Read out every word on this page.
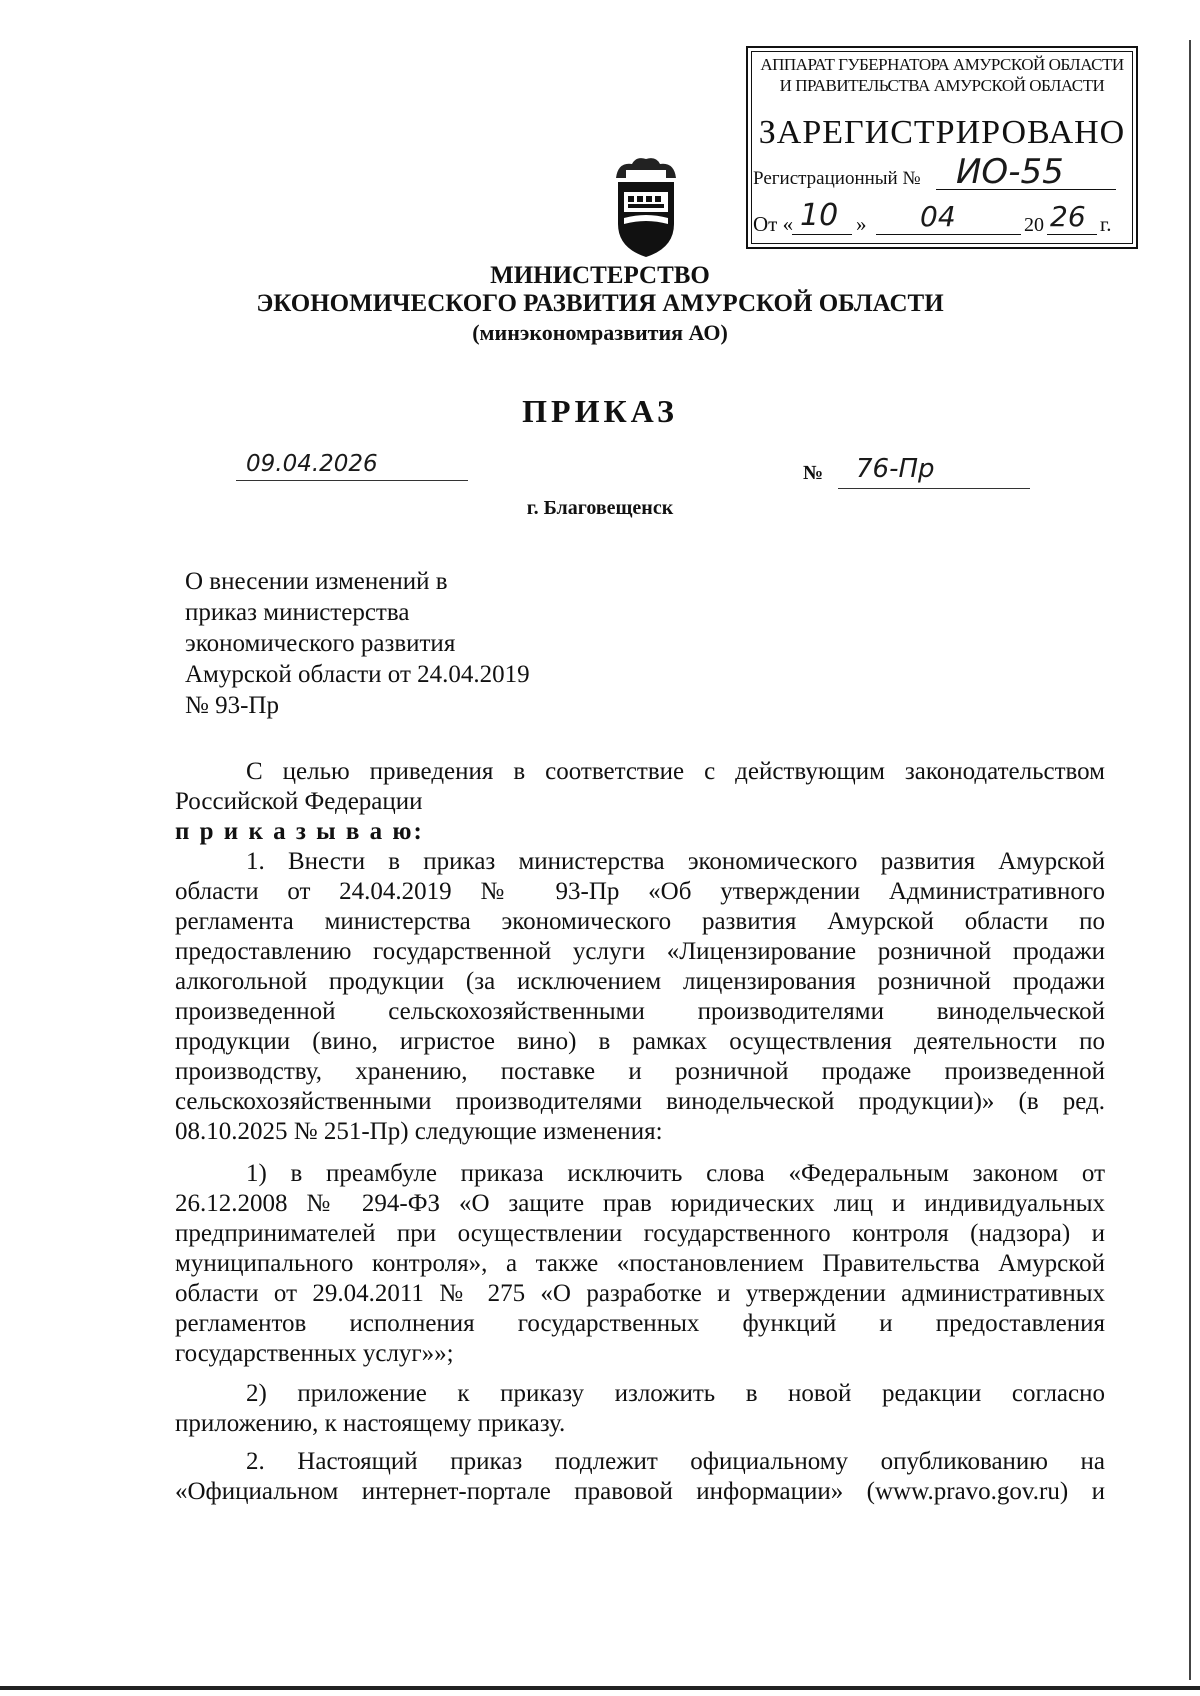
АППАРАТ ГУБЕРНАТОРА АМУРСКОЙ ОБЛАСТИ
И ПРАВИТЕЛЬСТВА АМУРСКОЙ ОБЛАСТИ
ЗАРЕГИСТРИРОВАНО
Регистрационный № ИО-55
От « 10 » 04	20 26 г.
МИНИСТЕРСТВО
ЭКОНОМИЧЕСКОГО РАЗВИТИЯ АМУРСКОЙ ОБЛАСТИ
(минэкономразвития АО)
ПРИКАЗ
09.04.2026	№ 76-Пр
г. Благовещенск
О внесении изменений в
приказ министерства
экономического развития
Амурской области от 24.04.2019
№ 93-Пр
С целью приведения в соответствие с действующим законодательством
Российской Федерации
п р и к а з ы в а ю:
1. Внести в приказ министерства экономического развития Амурской
области от 24.04.2019 № 93-Пр «Об утверждении Административного
регламента министерства экономического развития Амурской области по
предоставлению государственной услуги «Лицензирование розничной продажи
алкогольной продукции (за исключением лицензирования розничной продажи
произведенной сельскохозяйственными производителями винодельческой
продукции (вино, игристое вино) в рамках осуществления деятельности по
производству, хранению, поставке и розничной продаже произведенной
сельскохозяйственными производителями винодельческой продукции)» (в ред.
08.10.2025 № 251-Пр) следующие изменения:
1) в преамбуле приказа исключить слова «Федеральным законом от
26.12.2008 № 294-ФЗ «О защите прав юридических лиц и индивидуальных
предпринимателей при осуществлении государственного контроля (надзора) и
муниципального контроля», а также «постановлением Правительства Амурской
области от 29.04.2011 № 275 «О разработке и утверждении административных
регламентов исполнения государственных функций и предоставления
государственных услуг»»;
2) приложение к приказу изложить в новой редакции согласно
приложению, к настоящему приказу.
2. Настоящий приказ подлежит официальному опубликованию на
«Официальном интернет-портале правовой информации» (www.pravo.gov.ru) и
